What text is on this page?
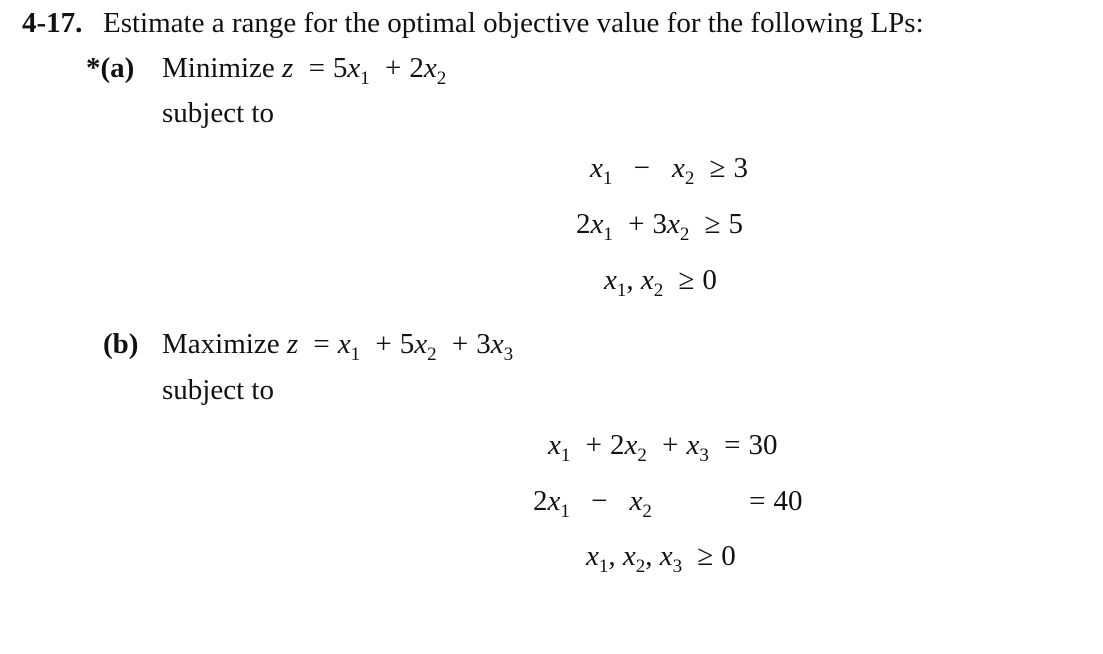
4-17. Estimate a range for the optimal objective value for the following LPs:
*(a) Minimize $z = 5x_1 + 2x_2$
subject to
$x_1 - x_2 \ge 3$
$2x_1 + 3x_2 \ge 5$
$x_1$, $x_2 \ge 0$
(b) Maximize $z = x_1 + 5x_2 + 3x_3$
subject to
$x_1 + 2x_2 + x_3 = 30$
$2x_1 - x_2$	= 40
$x_1$, $x_2$, $x_3 \ge 0$
